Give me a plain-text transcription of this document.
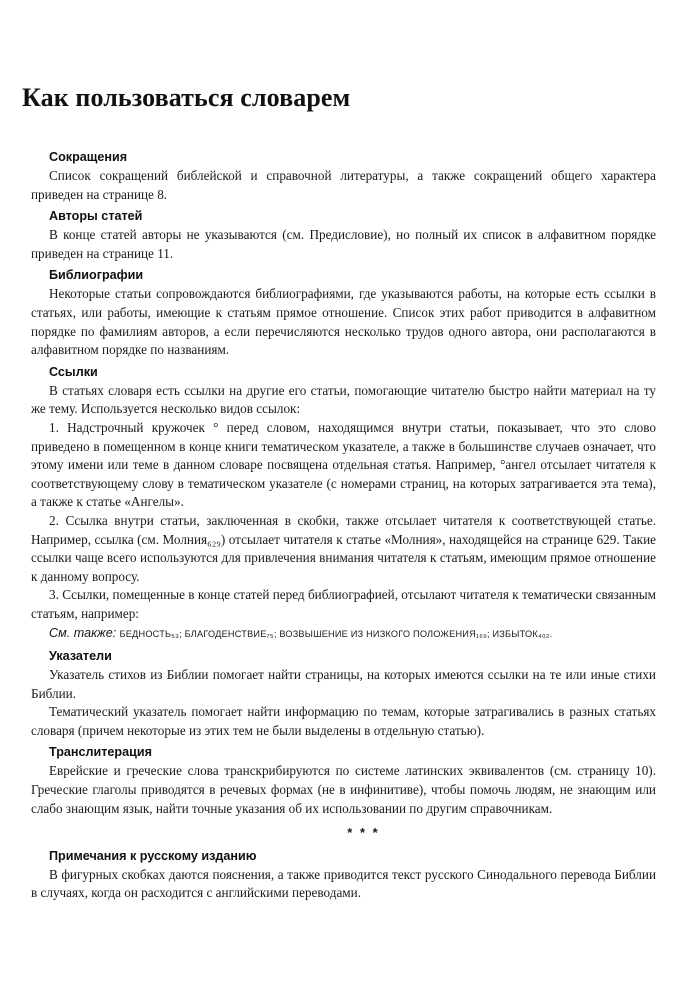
Как пользоваться словарем
Сокращения

Список сокращений библейской и справочной литературы, а также сокращений общего характера приведен на странице 8.

Авторы статей

В конце статей авторы не указываются (см. Предисловие), но полный их список в алфавитном порядке приведен на странице 11.

Библиографии

Некоторые статьи сопровождаются библиографиями, где указываются работы, на которые есть ссылки в статьях, или работы, имеющие к статьям прямое отношение. Список этих работ приводится в алфавитном порядке по фамилиям авторов, а если перечисляются несколько трудов одного автора, они располагаются в алфавитном порядке по названиям.

Ссылки

В статьях словаря есть ссылки на другие его статьи, помогающие читателю быстро найти материал на ту же тему. Используется несколько видов ссылок:

1. Надстрочный кружочек ° перед словом, находящимся внутри статьи, показывает, что это слово приведено в помещенном в конце книги тематическом указателе, а также в большинстве случаев означает, что этому имени или теме в данном словаре посвящена отдельная статья. Например, °ангел отсылает читателя к соответствующему слову в тематическом указателе (с номерами страниц, на которых затрагивается эта тема), а также к статье «Ангелы».

2. Ссылка внутри статьи, заключенная в скобки, также отсылает читателя к соответствующей статье. Например, ссылка (см. Молния₆₂₉) отсылает читателя к статье «Молния», находящейся на странице 629. Такие ссылки чаще всего используются для привлечения внимания читателя к статьям, имеющим прямое отношение к данному вопросу.

3. Ссылки, помещенные в конце статей перед библиографией, отсылают читателя к тематически связанным статьям, например:

См. также: БЕДНОСТЬ₅₃; БЛАГОДЕНСТВИЕ₇₅; ВОЗВЫШЕНИЕ ИЗ НИЗКОГО ПОЛОЖЕНИЯ₁₆₉; ИЗБЫТОК₄₀₂.
Указатели

Указатель стихов из Библии помогает найти страницы, на которых имеются ссылки на те или иные стихи Библии.

Тематический указатель помогает найти информацию по темам, которые затрагивались в разных статьях словаря (причем некоторые из этих тем не были выделены в отдельную статью).

Транслитерация

Еврейские и греческие слова транскрибируются по системе латинских эквивалентов (см. страницу 10). Греческие глаголы приводятся в речевых формах (не в инфинитиве), чтобы помочь людям, не знающим или слабо знающим язык, найти точные указания об их использовании по другим справочникам.

* * *
Примечания к русскому изданию

В фигурных скобках даются пояснения, а также приводится текст русского Синодального перевода Библии в случаях, когда он расходится с английскими переводами.
